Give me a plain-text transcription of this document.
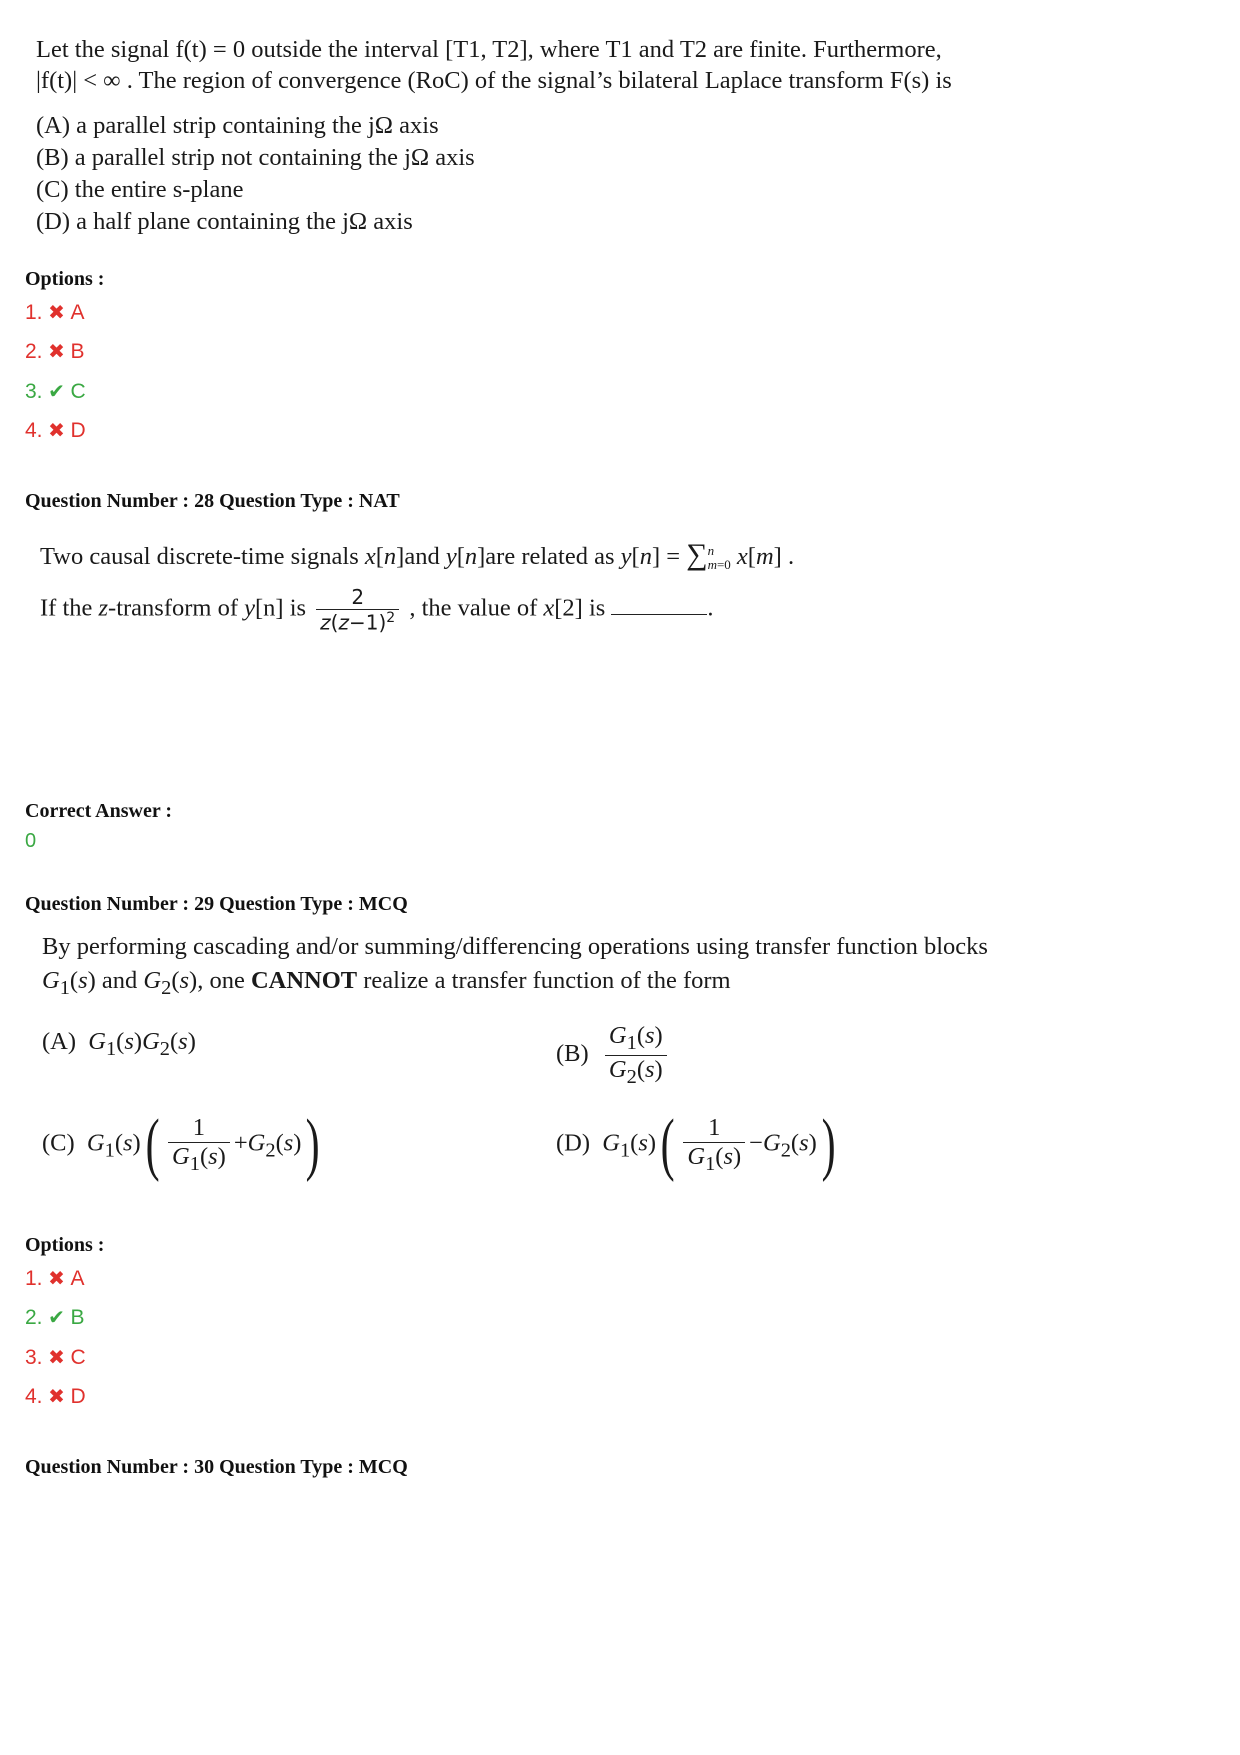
Let the signal f(t) = 0 outside the interval [T1, T2], where T1 and T2 are finite. Furthermore,
|f(t)| < ∞ . The region of convergence (RoC) of the signal’s bilateral Laplace transform F(s) is
(A) a parallel strip containing the jΩ axis
(B) a parallel strip not containing the jΩ axis
(C) the entire s-plane
(D) a half plane containing the jΩ axis
Options :
1. ✖ A
2. ✖ B
3. ✔ C
4. ✖ D
Question Number : 28 Question Type : NAT
Two causal discrete-time signals x[n]and y[n]are related as y[n] = ∑n
m=0 x[m] .
If the z-transform of y[n] is $\frac{2}{z(z-1)^2}$ , the value of x[2] is	.
Correct Answer :
0
Question Number : 29 Question Type : MCQ
By performing cascading and/or summing/differencing operations using transfer function blocks
$G_1(s)$ and $G_2(s)$, one CANNOT realize a transfer function of the form
(A)  $G_1(s)G_2(s)$	$(B) \frac{G_1(s)}{G_2(s)}$
(C)  $G_1(s)( \frac{1}{G_1(s)} +G_2(s))$	(D)  $G_1(s)( \frac{1}{G_1(s)} -G_2(s))$
Options :
1. ✖ A
2. ✔ B
3. ✖ C
4. ✖ D
Question Number : 30 Question Type : MCQ
